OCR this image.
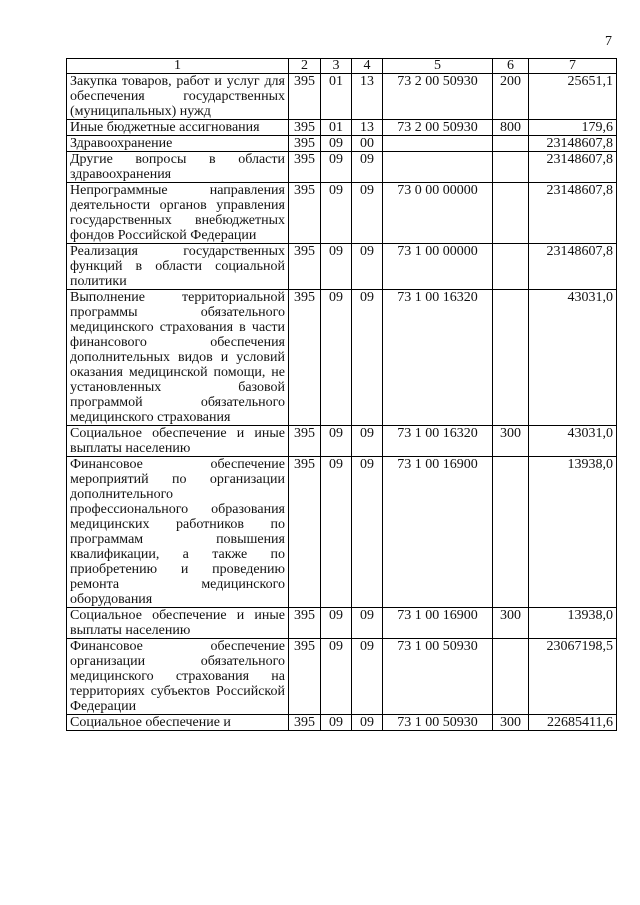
7
1	2	3	4	5	6	7
Закупка товаров, работ и услуг для обеспечения государственных (муниципальных) нужд	395	01	13	73 2 00 50930	200	25651,1
Иные бюджетные ассигнования	395	01	13	73 2 00 50930	800	179,6
Здравоохранение	395	09	00			23148607,8
Другие вопросы в области здравоохранения	395	09	09			23148607,8
Непрограммные направления деятельности органов управления государственных внебюджетных фондов Российской Федерации	395	09	09	73 0 00 00000		23148607,8
Реализация государственных функций в области социальной политики	395	09	09	73 1 00 00000		23148607,8
Выполнение территориальной программы обязательного медицинского страхования в части финансового обеспечения дополнительных видов и условий оказания медицинской помощи, не установленных базовой программой обязательного медицинского страхования	395	09	09	73 1 00 16320		43031,0
Социальное обеспечение и иные выплаты населению	395	09	09	73 1 00 16320	300	43031,0
Финансовое обеспечение мероприятий по организации дополнительного профессионального образования медицинских работников по программам повышения квалификации, а также по приобретению и проведению ремонта медицинского оборудования	395	09	09	73 1 00 16900		13938,0
Социальное обеспечение и иные выплаты населению	395	09	09	73 1 00 16900	300	13938,0
Финансовое обеспечение организации обязательного медицинского страхования на территориях субъектов Российской Федерации	395	09	09	73 1 00 50930		23067198,5
Социальное обеспечение и	395	09	09	73 1 00 50930	300	22685411,6
